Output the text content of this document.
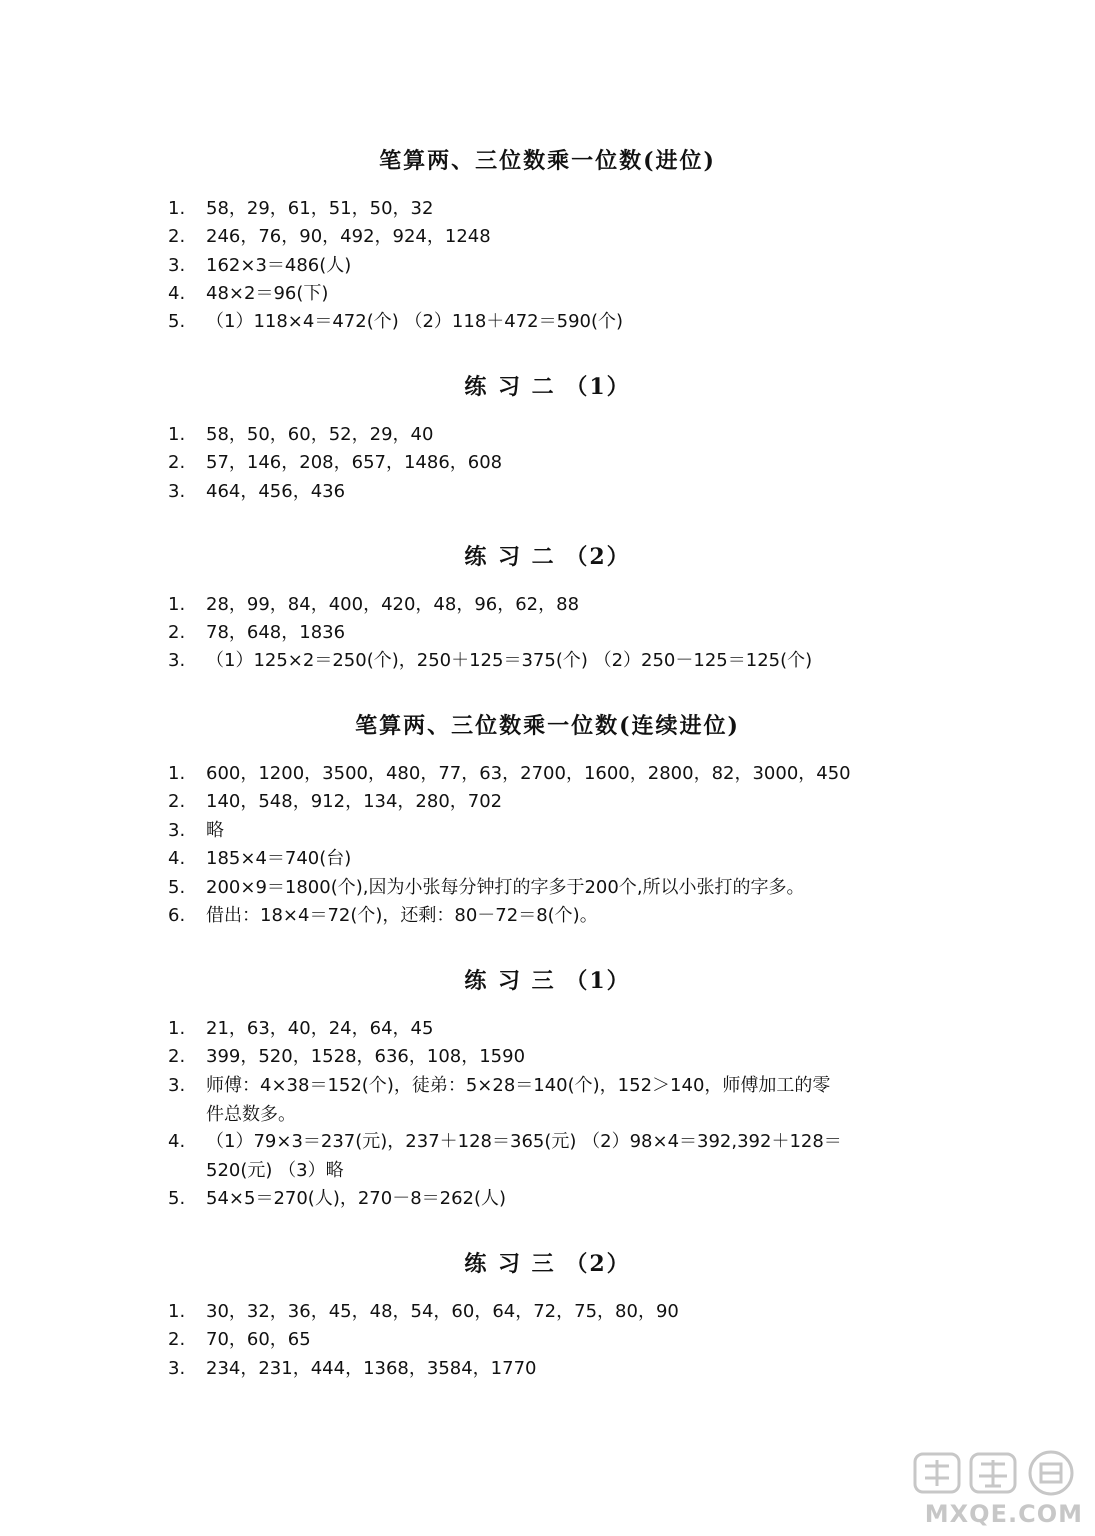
笔算两、三位数乘一位数(进位)
1.	58，29，61，51，50，32
2.	246，76，90，492，924，1248
3.	162×3＝486(人)
4.	48×2＝96(下)
5.	（1）118×4＝472(个) （2）118＋472＝590(个)
练 习 二 （1）
1.	58，50，60，52，29，40
2.	57，146，208，657，1486，608
3.	464，456，436
练 习 二 （2）
1.	28，99，84，400，420，48，96，62，88
2.	78，648，1836
3.	（1）125×2＝250(个)，250＋125＝375(个) （2）250－125＝125(个)
笔算两、三位数乘一位数(连续进位)
1.	600，1200，3500，480，77，63，2700，1600，2800，82，3000，450
2.	140，548，912，134，280，702
3.	略
4.	185×4＝740(台)
5.	200×9＝1800(个),因为小张每分钟打的字多于200个,所以小张打的字多。
6.	借出：18×4＝72(个)，还剩：80－72＝8(个)。
练 习 三 （1）
1.	21，63，40，24，64，45
2.	399，520，1528，636，108，1590
3.	师傅：4×38＝152(个)，徒弟：5×28＝140(个)，152＞140，师傅加工的零
件总数多。
4.	（1）79×3＝237(元)，237＋128＝365(元) （2）98×4＝392,392＋128＝
520(元) （3）略
5.	54×5＝270(人)，270－8＝262(人)
练 习 三 （2）
1.	30，32，36，45，48，54，60，64，72，75，80，90
2.	70，60，65
3.	234，231，444，1368，3584，1770
MXQE.COM
